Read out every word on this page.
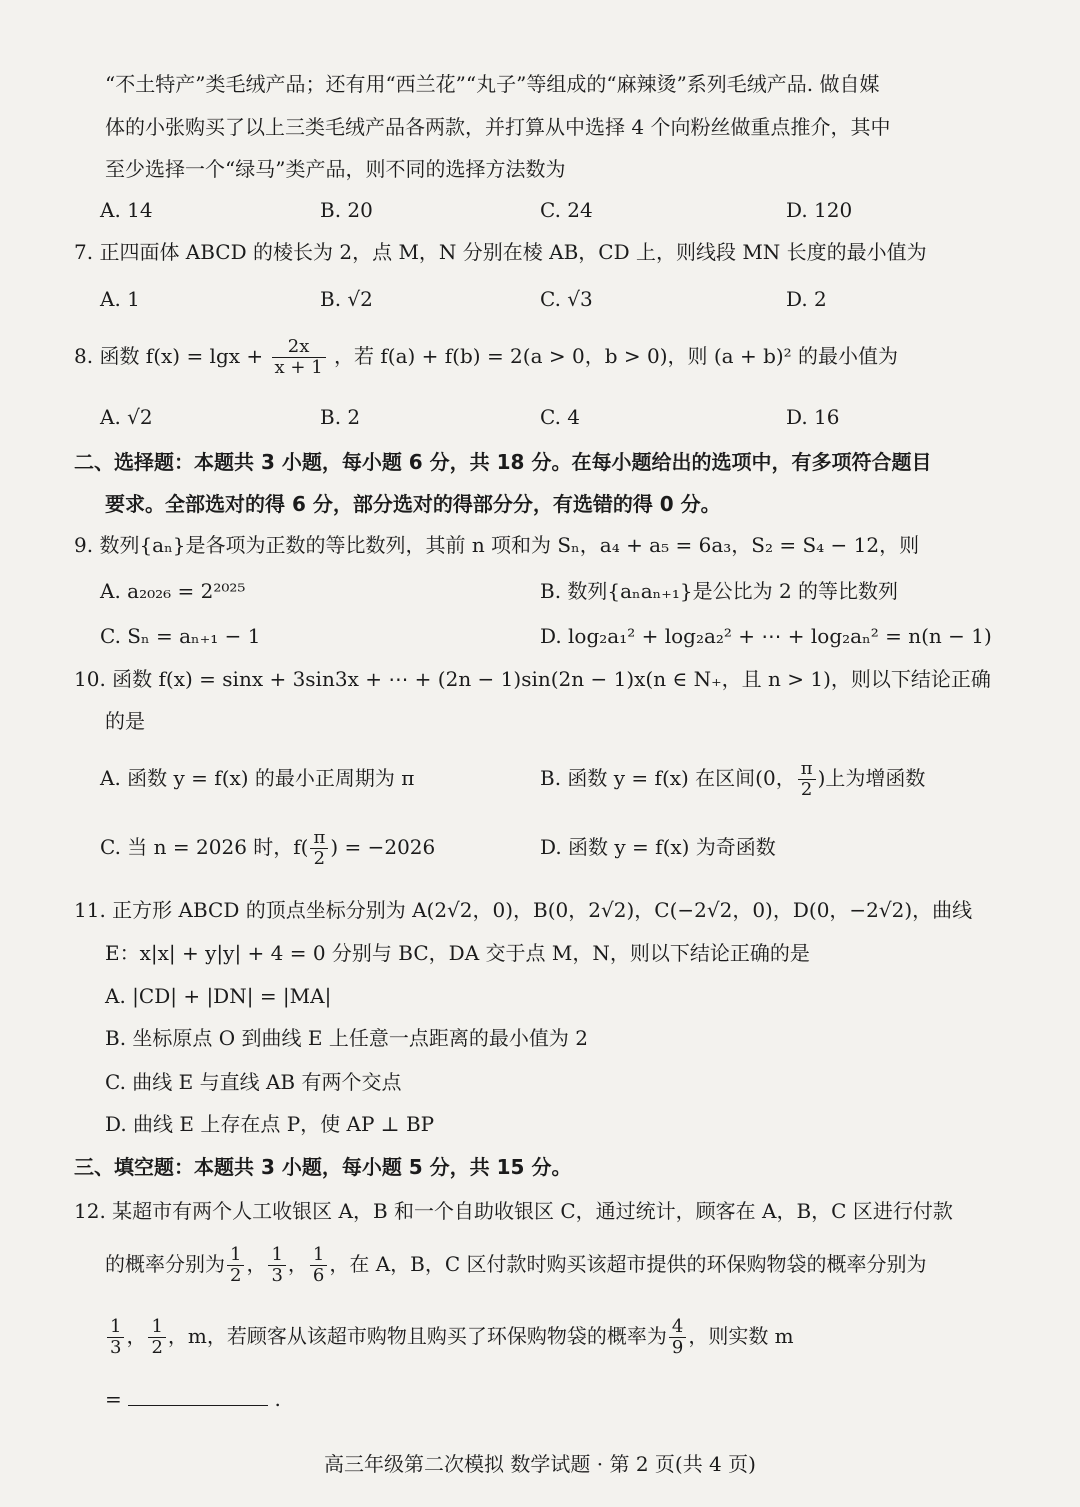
“不土特产”类毛绒产品；还有用“西兰花”“丸子”等组成的“麻辣烫”系列毛绒产品. 做自媒
体的小张购买了以上三类毛绒产品各两款，并打算从中选择 4 个向粉丝做重点推介，其中
至少选择一个“绿马”类产品，则不同的选择方法数为
A. 14	B. 20	C. 24	D. 120
7. 正四面体 ABCD 的棱长为 2，点 M，N 分别在棱 AB，CD 上，则线段 MN 长度的最小值为
A. 1	B. √2	C. √3	D. 2
8. 函数 $f(x) = \lg x + \frac{2x}{x + 1}$ ，若 f(a) + f(b) = 2(a > 0，b > 0)，则 (a + b)² 的最小值为
A. √2	B. 2	C. 4	D. 16
二、选择题：本题共 3 小题，每小题 6 分，共 18 分。在每小题给出的选项中，有多项符合题目
要求。全部选对的得 6 分，部分选对的得部分分，有选错的得 0 分。
9. 数列{aₙ}是各项为正数的等比数列，其前 n 项和为 Sₙ，a₄ + a₅ = 6a₃，S₂ = S₄ − 12，则
A. a₂₀₂₆ = 2²⁰²⁵	B. 数列{aₙaₙ₊₁}是公比为 2 的等比数列
C. Sₙ = aₙ₊₁ − 1	D. log₂a₁² + log₂a₂² + ⋯ + log₂aₙ² = n(n − 1)
10. 函数 f(x) = sinx + 3sin3x + ⋯ + (2n − 1)sin(2n − 1)x(n ∈ N₊，且 n > 1)，则以下结论正确
的是
A. 函数 y = f(x) 的最小正周期为 π	B. 函数 y = f(x) 在区间(0， $\frac{\pi}{2}$ )上为增函数
C. 当 n = 2026 时，$f( \frac{\pi}{2}$ ) = −2026	D. 函数 y = f(x) 为奇函数
11. 正方形 ABCD 的顶点坐标分别为 A(2√2，0)，B(0，2√2)，C(−2√2，0)，D(0，−2√2)，曲线
E：x|x| + y|y| + 4 = 0 分别与 BC，DA 交于点 M，N，则以下结论正确的是
A. |CD| + |DN| = |MA|
B. 坐标原点 O 到曲线 E 上任意一点距离的最小值为 2
C. 曲线 E 与直线 AB 有两个交点
D. 曲线 E 上存在点 P，使 AP ⊥ BP
三、填空题：本题共 3 小题，每小题 5 分，共 15 分。
12. 某超市有两个人工收银区 A，B 和一个自助收银区 C，通过统计，顾客在 A，B，C 区进行付款
的概率分别为 $\frac{1}{2}$ ， $\frac{1}{3}$ ， $\frac{1}{6}$ ，在 A，B，C 区付款时购买该超市提供的环保购物袋的概率分别为
$\frac{1}{3}$ ， $\frac{1}{2}$ ，m，若顾客从该超市购物且购买了环保购物袋的概率为 $\frac{4}{9}$ ，则实数 m
=	.
高三年级第二次模拟 数学试题 · 第 2 页(共 4 页)
